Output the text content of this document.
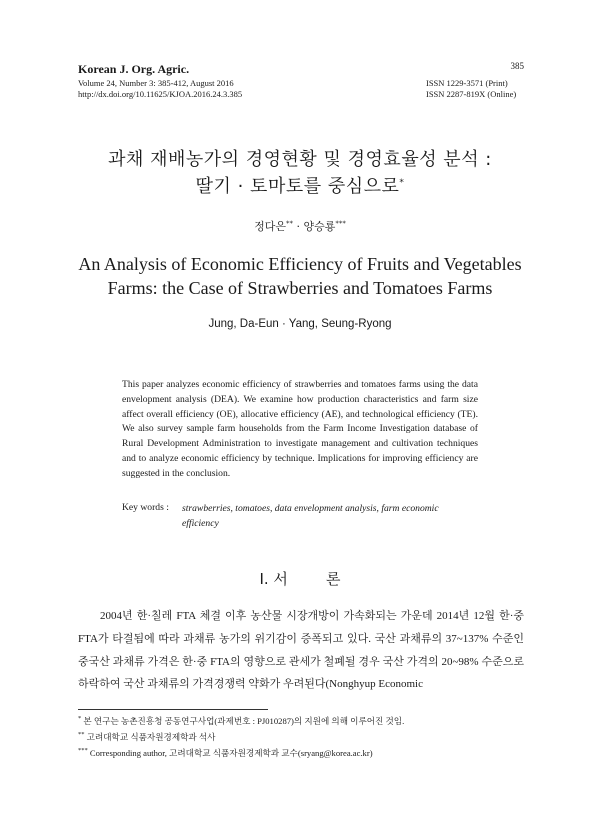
Korean J. Org. Agric.
Volume 24, Number 3: 385-412, August 2016
http://dx.doi.org/10.11625/KJOA.2016.24.3.385
385
ISSN 1229-3571 (Print)
ISSN 2287-819X (Online)
과채 재배농가의 경영현황 및 경영효율성 분석 :
딸기 · 토마토를 중심으로*
정다은** · 양승룡***
An Analysis of Economic Efficiency of Fruits and Vegetables
Farms: the Case of Strawberries and Tomatoes Farms
Jung, Da-Eun · Yang, Seung-Ryong
This paper analyzes economic efficiency of strawberries and tomatoes farms using the data envelopment analysis (DEA). We examine how production characteristics and farm size affect overall efficiency (OE), allocative efficiency (AE), and technological efficiency (TE). We also survey sample farm households from the Farm Income Investigation database of Rural Development Administration to investigate management and cultivation techniques and to analyze economic efficiency by technique. Implications for improving efficiency are suggested in the conclusion.
Key words : strawberries, tomatoes, data envelopment analysis, farm economic efficiency
Ⅰ. 서        론
2004년 한·칠레 FTA 체결 이후 농산물 시장개방이 가속화되는 가운데 2014년 12월 한·중 FTA가 타결됨에 따라 과채류 농가의 위기감이 증폭되고 있다. 국산 과채류의 37~137% 수준인 중국산 과채류 가격은 한·중 FTA의 영향으로 관세가 철폐될 경우 국산 가격의 20~98% 수준으로 하락하여 국산 과채류의 가격경쟁력 약화가 우려된다(Nonghyup Economic
* 본 연구는 농촌진흥청 공동연구사업(과제번호 : PJ010287)의 지원에 의해 이루어진 것임.
** 고려대학교 식품자원경제학과 석사
*** Corresponding author, 고려대학교 식품자원경제학과 교수(sryang@korea.ac.kr)
